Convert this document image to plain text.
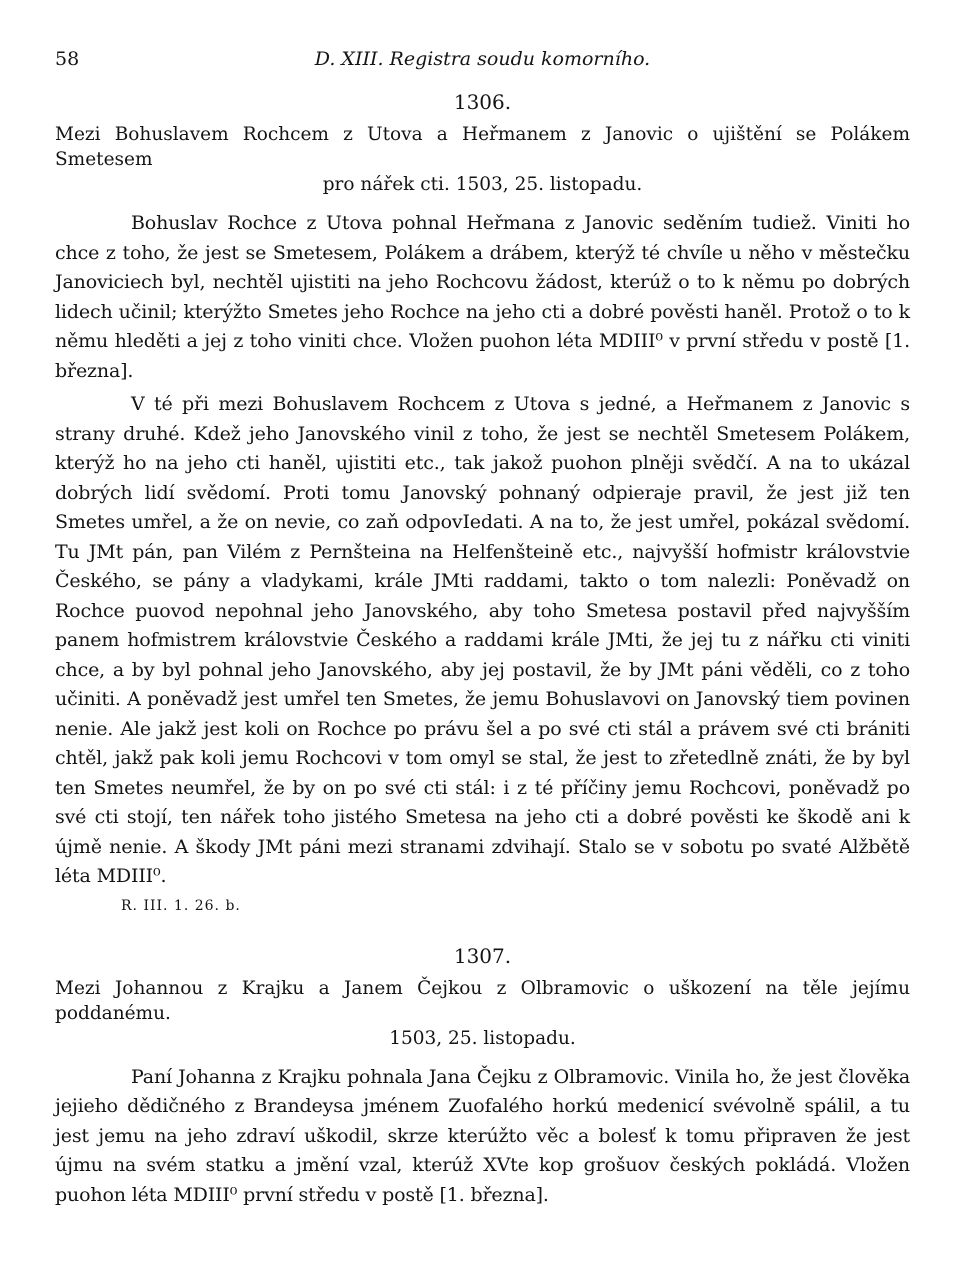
58	D. XIII. Registra soudu komorního.
1306.
Mezi Bohuslavem Rochcem z Utova a Heřmanem z Janovic o ujištění se Polákem Smetesem
pro nářek cti. 1503, 25. listopadu.

Bohuslav Rochce z Utova pohnal Heřmana z Janovic seděním tudiež. Viniti ho chce z toho, že jest se Smetesem, Polákem a drábem, kterýž té chvíle u něho v městečku Janoviciech byl, nechtěl ujistiti na jeho Rochcovu žádost, kterúž o to k němu po dobrých lidech učinil; kterýžto Smetes jeho Rochce na jeho cti a dobré pověsti haněl. Protož o to k němu hleděti a jej z toho viniti chce. Vložen puohon léta MDIII⁰ v první středu v postě [1. března].

V té při mezi Bohuslavem Rochcem z Utova s jedné, a Heřmanem z Janovic s strany druhé. Kdež jeho Janovského vinil z toho, že jest se nechtěl Smetesem Polákem, kterýž ho na jeho cti haněl, ujistiti etc., tak jakož puohon plněji svědčí. A na to ukázal dobrých lidí svědomí. Proti tomu Janovský pohnaný odpieraje pravil, že jest již ten Smetes umřel, a že on nevie, co zaň odpovIedati. A na to, že jest umřel, pokázal svědomí. Tu JMt pán, pan Vilém z Pernšteina na Helfenšteině etc., najvyšší hofmistr královstvie Českého, se pány a vladykami, krále JMti raddami, takto o tom nalezli: Poněvadž on Rochce puovod nepohnal jeho Janovského, aby toho Smetesa postavil před najvyšším panem hofmistrem královstvie Českého a raddami krále JMti, že jej tu z nářku cti viniti chce, a by byl pohnal jeho Janovského, aby jej postavil, že by JMt páni věděli, co z toho učiniti. A poněvadž jest umřel ten Smetes, že jemu Bohuslavovi on Janovský tiem povinen nenie. Ale jakž jest koli on Rochce po právu šel a po své cti stál a právem své cti brániti chtěl, jakž pak koli jemu Rochcovi v tom omyl se stal, že jest to zřetedlně znáti, že by byl ten Smetes neumřel, že by on po své cti stál: i z té příčiny jemu Rochcovi, poněvadž po své cti stojí, ten nářek toho jistého Smetesa na jeho cti a dobré pověsti ke škodě ani k újmě nenie. A škody JMt páni mezi stranami zdvihají. Stalo se v sobotu po svaté Alžbětě léta MDIII⁰.

R. III. 1. 26. b.
1307.
Mezi Johannou z Krajku a Janem Čejkou z Olbramovic o uškození na těle jejímu poddanému.
1503, 25. listopadu.

Paní Johanna z Krajku pohnala Jana Čejku z Olbramovic. Vinila ho, že jest člověka jejieho dědičného z Brandeysa jménem Zuofalého horkú medenicí svévolně spálil, a tu jest jemu na jeho zdraví uškodil, skrze kterúžto věc a bolesť k tomu připraven že jest újmu na svém statku a jmění vzal, kterúž XVte kop grošuov českých pokládá. Vložen puohon léta MDIII⁰ první středu v postě [1. března].
